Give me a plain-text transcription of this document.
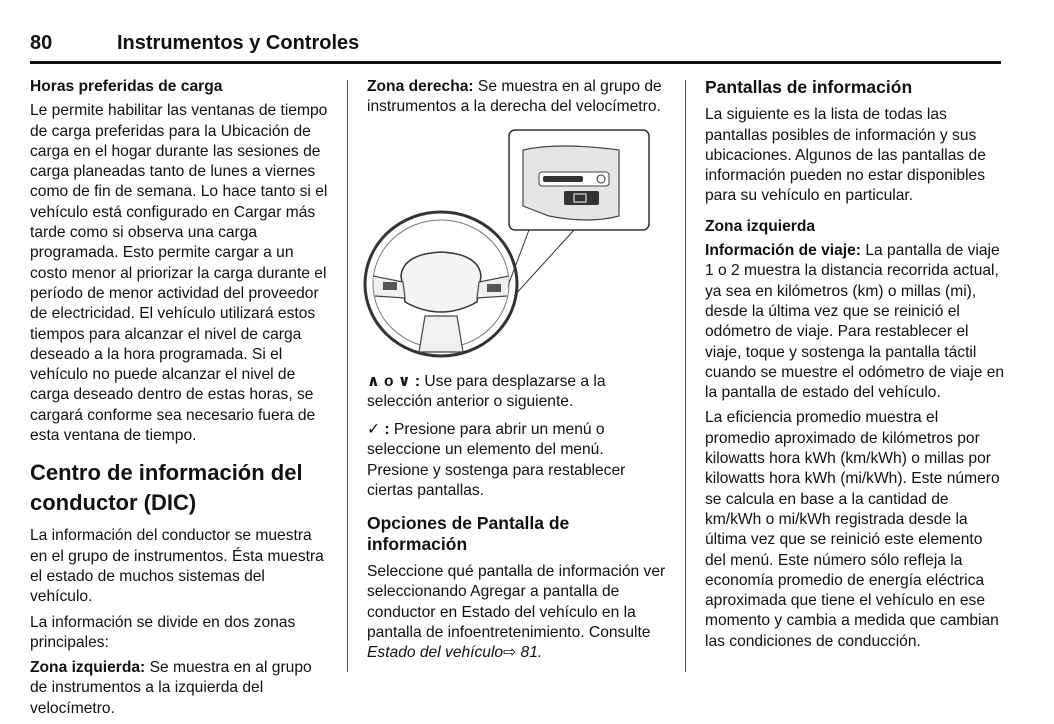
80	Instrumentos y Controles
Horas preferidas de carga

Le permite habilitar las ventanas de tiempo de carga preferidas para la Ubicación de carga en el hogar durante las sesiones de carga planeadas tanto de lunes a viernes como de fin de semana. Lo hace tanto si el vehículo está configurado en Cargar más tarde como si observa una carga programada. Esto permite cargar a un costo menor al priorizar la carga durante el período de menor actividad del proveedor de electricidad. El vehículo utilizará estos tiempos para alcanzar el nivel de carga deseado a la hora programada. Si el vehículo no puede alcanzar el nivel de carga deseado dentro de estas horas, se cargará conforme sea necesario fuera de esta ventana de tiempo.

Centro de información del conductor (DIC)

La información del conductor se muestra en el grupo de instrumentos. Ésta muestra el estado de muchos sistemas del vehículo.

La información se divide en dos zonas principales:

Zona izquierda: Se muestra en al grupo de instrumentos a la izquierda del velocímetro.

Zona derecha: Se muestra en al grupo de instrumentos a la derecha del velocímetro.

∧ o ∨ : Use para desplazarse a la selección anterior o siguiente.

✓ : Presione para abrir un menú o seleccione un elemento del menú. Presione y sostenga para restablecer ciertas pantallas.

Opciones de Pantalla de información

Seleccione qué pantalla de información ver seleccionando Agregar a pantalla de conductor en Estado del vehículo en la pantalla de infoentretenimiento. Consulte Estado del vehículo⇨ 81.

Pantallas de información

La siguiente es la lista de todas las pantallas posibles de información y sus ubicaciones. Algunos de las pantallas de información pueden no estar disponibles para su vehículo en particular.

Zona izquierda

Información de viaje: La pantalla de viaje 1 o 2 muestra la distancia recorrida actual, ya sea en kilómetros (km) o millas (mi), desde la última vez que se reinició el odómetro de viaje. Para restablecer el viaje, toque y sostenga la pantalla táctil cuando se muestre el odómetro de viaje en la pantalla de estado del vehículo.

La eficiencia promedio muestra el promedio aproximado de kilómetros por kilowatts hora kWh (km/kWh) o millas por kilowatts hora kWh (mi/kWh). Este número se calcula en base a la cantidad de km/kWh o mi/kWh registrada desde la última vez que se reinició este elemento del menú. Este número sólo refleja la economía promedio de energía eléctrica aproximada que tiene el vehículo en ese momento y cambia a medida que cambian las condiciones de conducción.
